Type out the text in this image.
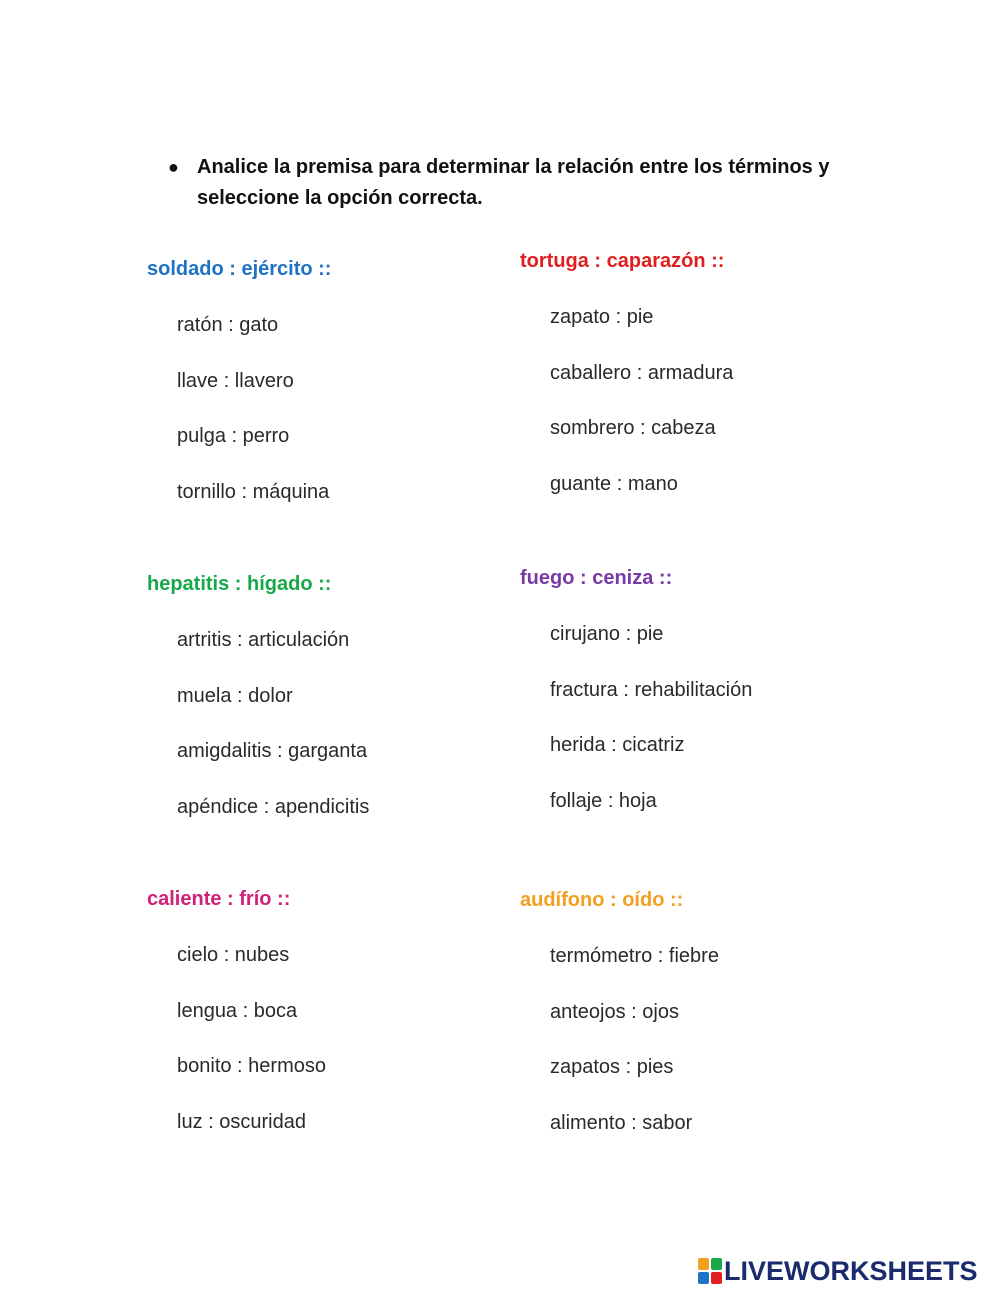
● Analice la premisa para determinar la relación entre los términos y seleccione la opción correcta.
soldado : ejército ::
ratón : gato
llave : llavero
pulga : perro
tornillo : máquina
tortuga : caparazón ::
zapato : pie
caballero : armadura
sombrero : cabeza
guante : mano
hepatitis : hígado ::
artritis : articulación
muela : dolor
amigdalitis : garganta
apéndice : apendicitis
fuego : ceniza ::
cirujano : pie
fractura : rehabilitación
herida : cicatriz
follaje : hoja
caliente : frío ::
cielo : nubes
lengua : boca
bonito : hermoso
luz : oscuridad
audífono : oído ::
termómetro : fiebre
anteojos : ojos
zapatos : pies
alimento : sabor
LIVEWORKSHEETS
